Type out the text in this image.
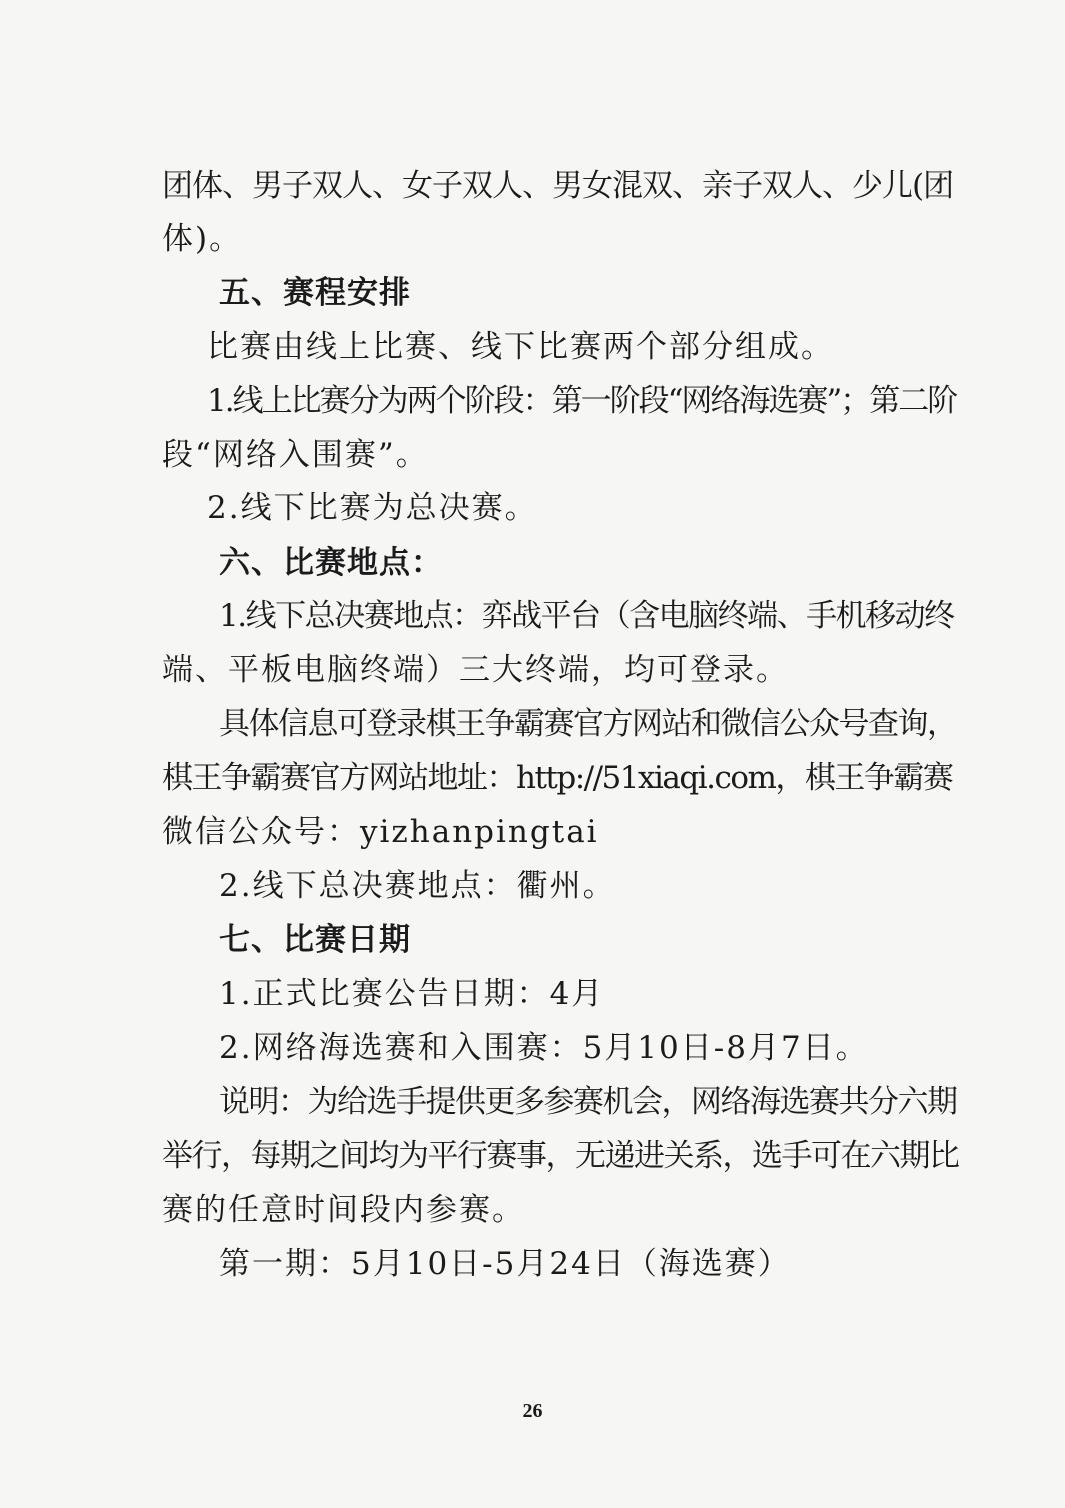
团体、男子双人、女子双人、男女混双、亲子双人、少儿(团
体)。
五、赛程安排
比赛由线上比赛、线下比赛两个部分组成。
1.线上比赛分为两个阶段：第一阶段“网络海选赛”；第二阶
段“网络入围赛”。
2.线下比赛为总决赛。
六、比赛地点：
1.线下总决赛地点：弈战平台（含电脑终端、手机移动终
端、平板电脑终端）三大终端，均可登录。
具体信息可登录棋王争霸赛官方网站和微信公众号查询，
棋王争霸赛官方网站地址：http://51xiaqi.com，棋王争霸赛
微信公众号：yizhanpingtai
2.线下总决赛地点：衢州。
七、比赛日期
1.正式比赛公告日期：4月
2.网络海选赛和入围赛：5月10日-8月7日。
说明：为给选手提供更多参赛机会，网络海选赛共分六期
举行，每期之间均为平行赛事，无递进关系，选手可在六期比
赛的任意时间段内参赛。
第一期：5月10日-5月24日（海选赛）
26
